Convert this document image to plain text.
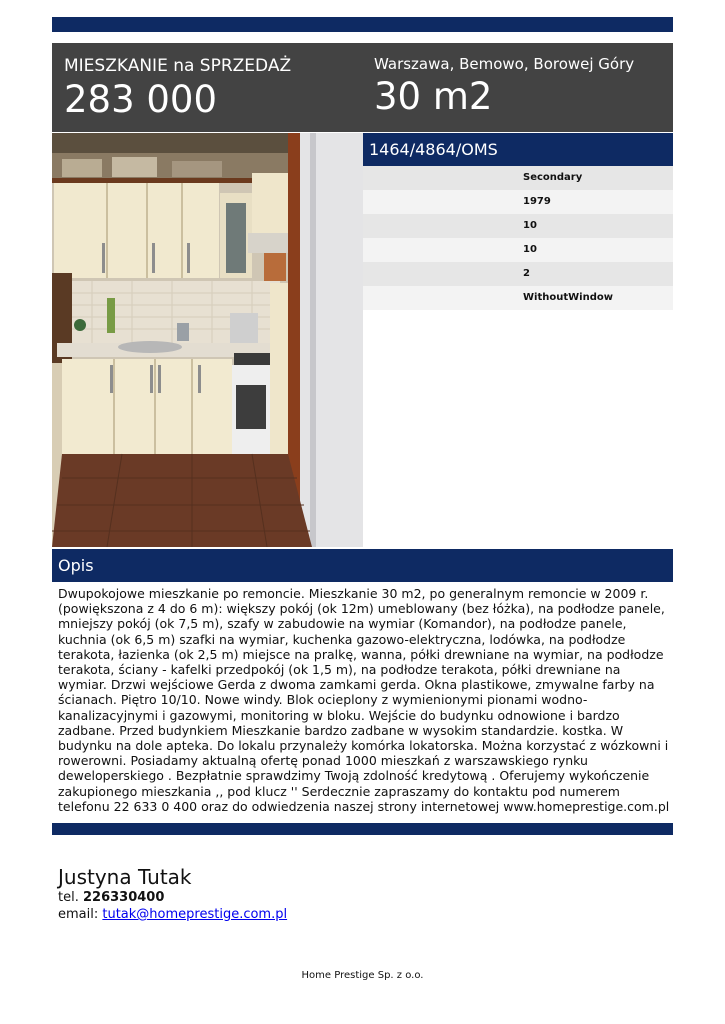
MIESZKANIE na SPRZEDAŻ
283 000
Warszawa, Bemowo, Borowej Góry
30 m2
1464/4864/OMS
Secondary
1979
10
10
2
WithoutWindow
Opis
Dwupokojowe mieszkanie po remoncie. Mieszkanie 30 m2, po generalnym remoncie w 2009 r. (powiększona z 4 do 6 m): większy pokój (ok 12m) umeblowany (bez łóżka), na podłodze panele, mniejszy pokój (ok 7,5 m), szafy w zabudowie na wymiar (Komandor), na podłodze panele, kuchnia (ok 6,5 m) szafki na wymiar, kuchenka gazowo-elektryczna, lodówka, na podłodze terakota, łazienka (ok 2,5 m) miejsce na pralkę, wanna, półki drewniane na wymiar, na podłodze terakota, ściany - kafelki przedpokój (ok 1,5 m), na podłodze terakota, półki drewniane na wymiar. Drzwi wejściowe Gerda z dwoma zamkami gerda. Okna plastikowe, zmywalne farby na ścianach. Piętro 10/10. Nowe windy. Blok ocieplony z wymienionymi pionami wodno-kanalizacyjnymi i gazowymi, monitoring w bloku. Wejście do budynku odnowione i bardzo zadbane. Przed budynkiem Mieszkanie bardzo zadbane w wysokim standardzie. kostka. W budynku na dole apteka. Do lokalu przynależy komórka lokatorska. Można korzystać z wózkowni i rowerowni. Posiadamy aktualną ofertę ponad 1000 mieszkań z warszawskiego rynku deweloperskiego . Bezpłatnie sprawdzimy Twoją zdolność kredytową . Oferujemy wykończenie zakupionego mieszkania ,, pod klucz '' Serdecznie zapraszamy do kontaktu pod numerem telefonu 22 633 0 400 oraz do odwiedzenia naszej strony internetowej www.homeprestige.com.pl
Justyna Tutak
tel. 226330400
email: tutak@homeprestige.com.pl
Home Prestige Sp. z o.o.
